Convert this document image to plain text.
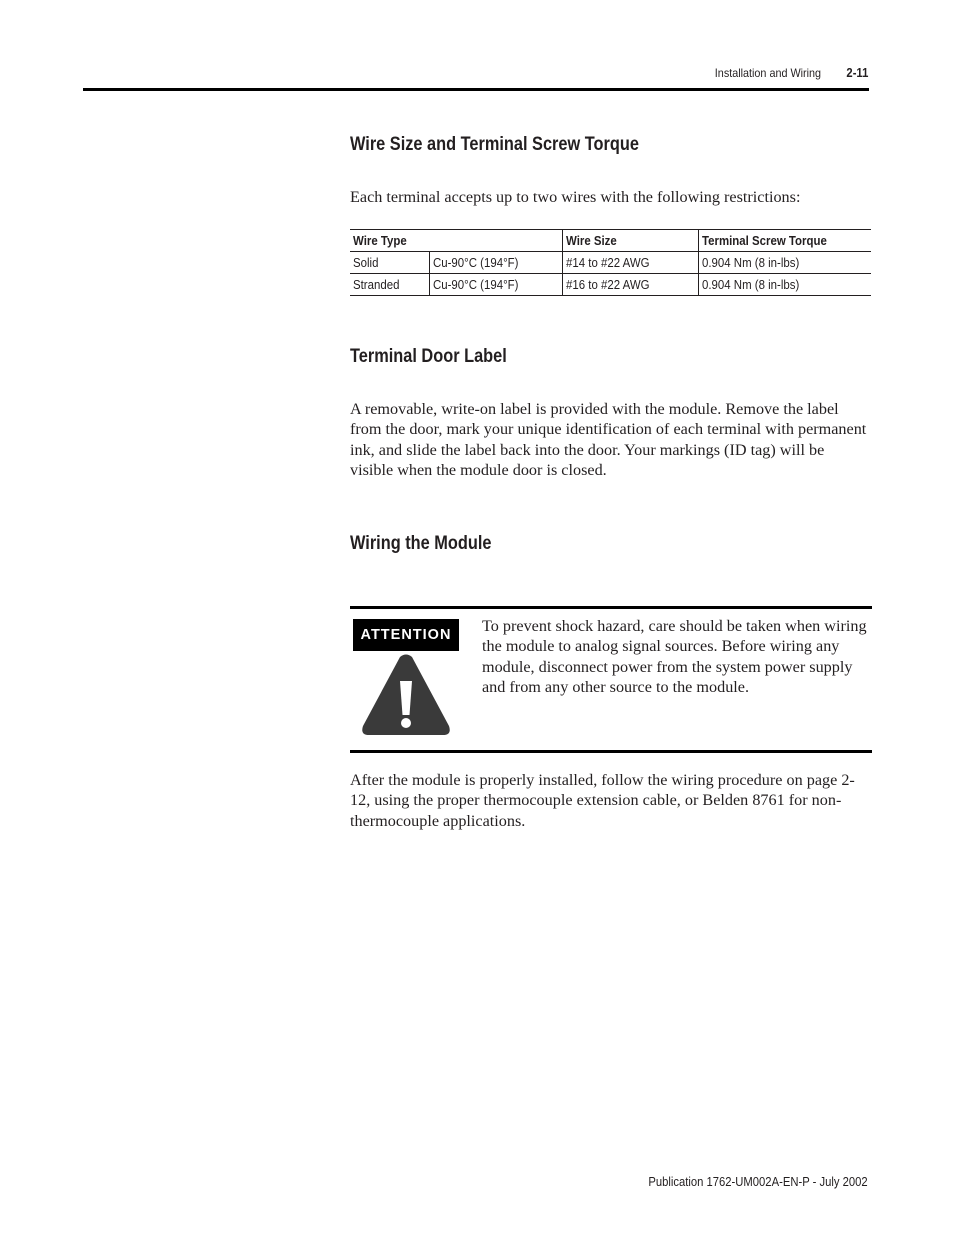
Installation and Wiring 2-11
Wire Size and Terminal Screw Torque

Each terminal accepts up to two wires with the following restrictions:

Wire Type		Wire Size	Terminal Screw Torque
Solid	Cu-90°C (194°F)	#14 to #22 AWG	0.904 Nm (8 in-lbs)
Stranded	Cu-90°C (194°F)	#16 to #22 AWG	0.904 Nm (8 in-lbs)
Terminal Door Label

A removable, write-on label is provided with the module. Remove the label from the door, mark your unique identification of each terminal with permanent ink, and slide the label back into the door. Your markings (ID tag) will be visible when the module door is closed.

Wiring the Module
ATTENTION	To prevent shock hazard, care should be taken when wiring the module to analog signal sources. Before wiring any module, disconnect power from the system power supply and from any other source to the module.

After the module is properly installed, follow the wiring procedure on page 2-12, using the proper thermocouple extension cable, or Belden 8761 for non-thermocouple applications.

Publication 1762-UM002A-EN-P - July 2002
